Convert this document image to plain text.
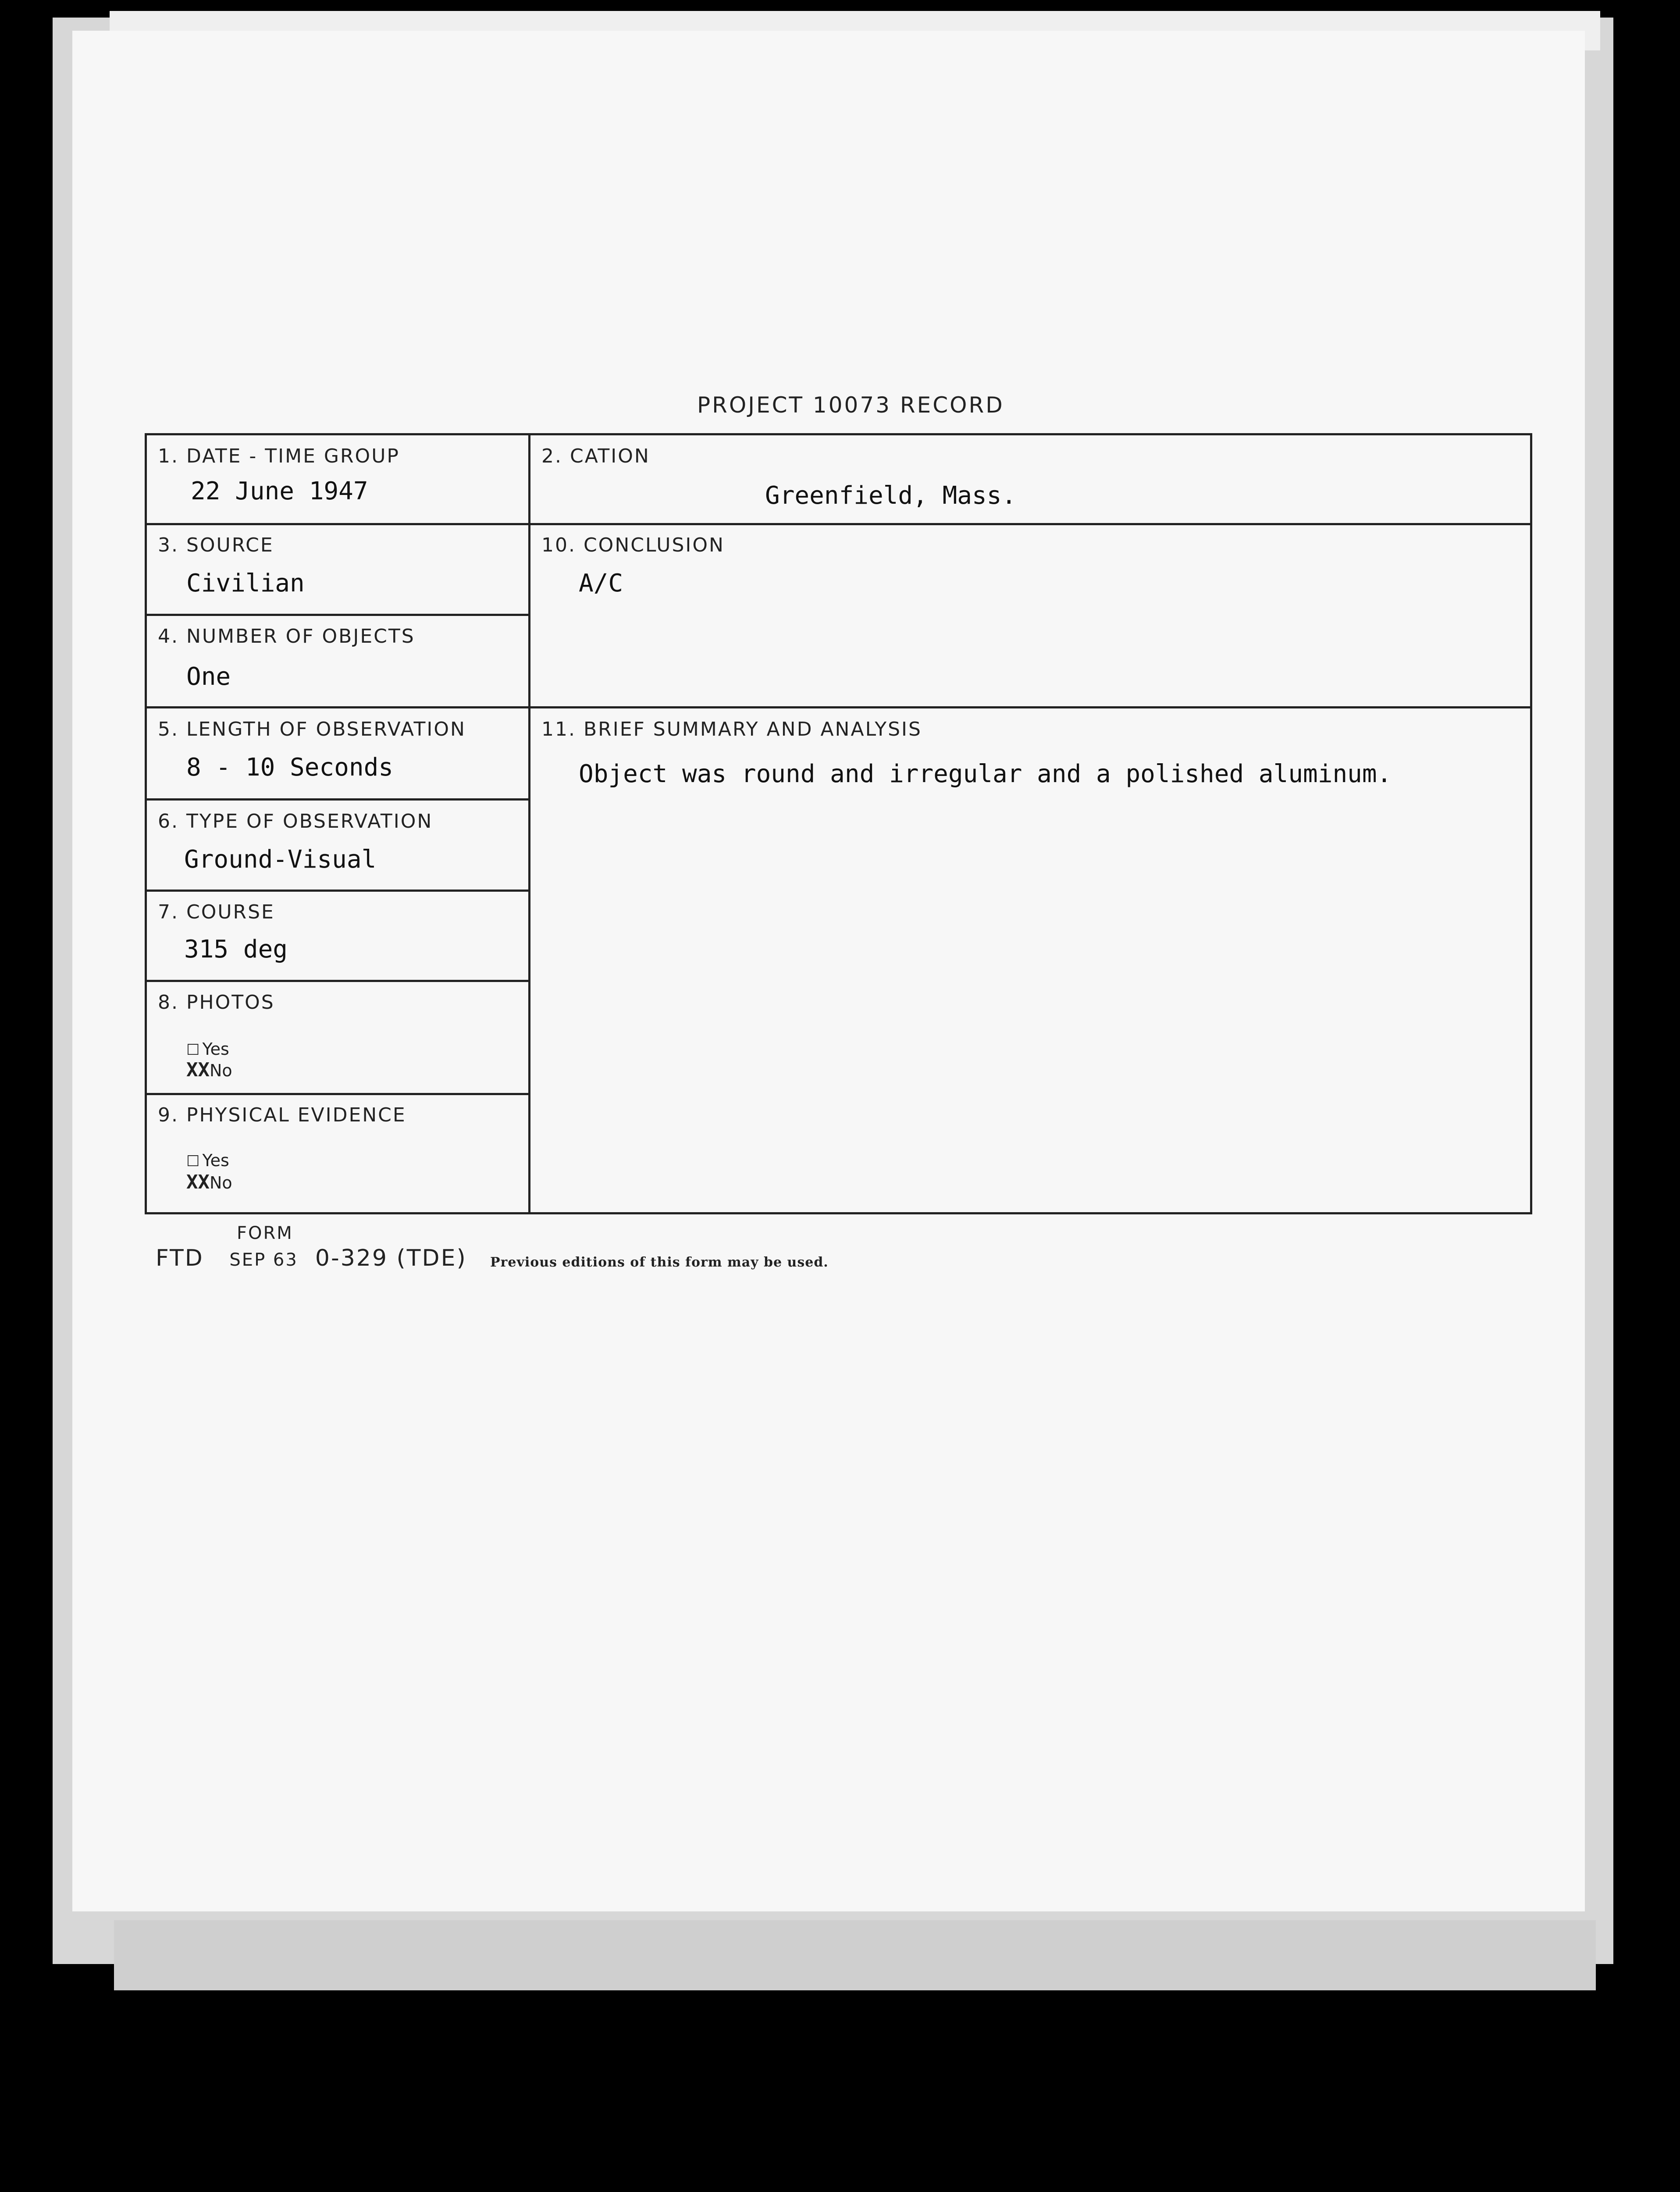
PROJECT 10073 RECORD
1. DATE - TIME GROUP
22 June 1947
2. CATION
Greenfield, Mass.
3. SOURCE
Civilian
10. CONCLUSION
A/C
4. NUMBER OF OBJECTS
One
5. LENGTH OF OBSERVATION
8 - 10 Seconds
11. BRIEF SUMMARY AND ANALYSIS
Object was round and irregular and a polished aluminum.
6. TYPE OF OBSERVATION
Ground-Visual
7. COURSE
315 deg
8. PHOTOS
☐ Yes
XXNo
9. PHYSICAL EVIDENCE
☐ Yes
XXNo
FORM
FTD SEP 63 0-329 (TDE) Previous editions of this form may be used.
